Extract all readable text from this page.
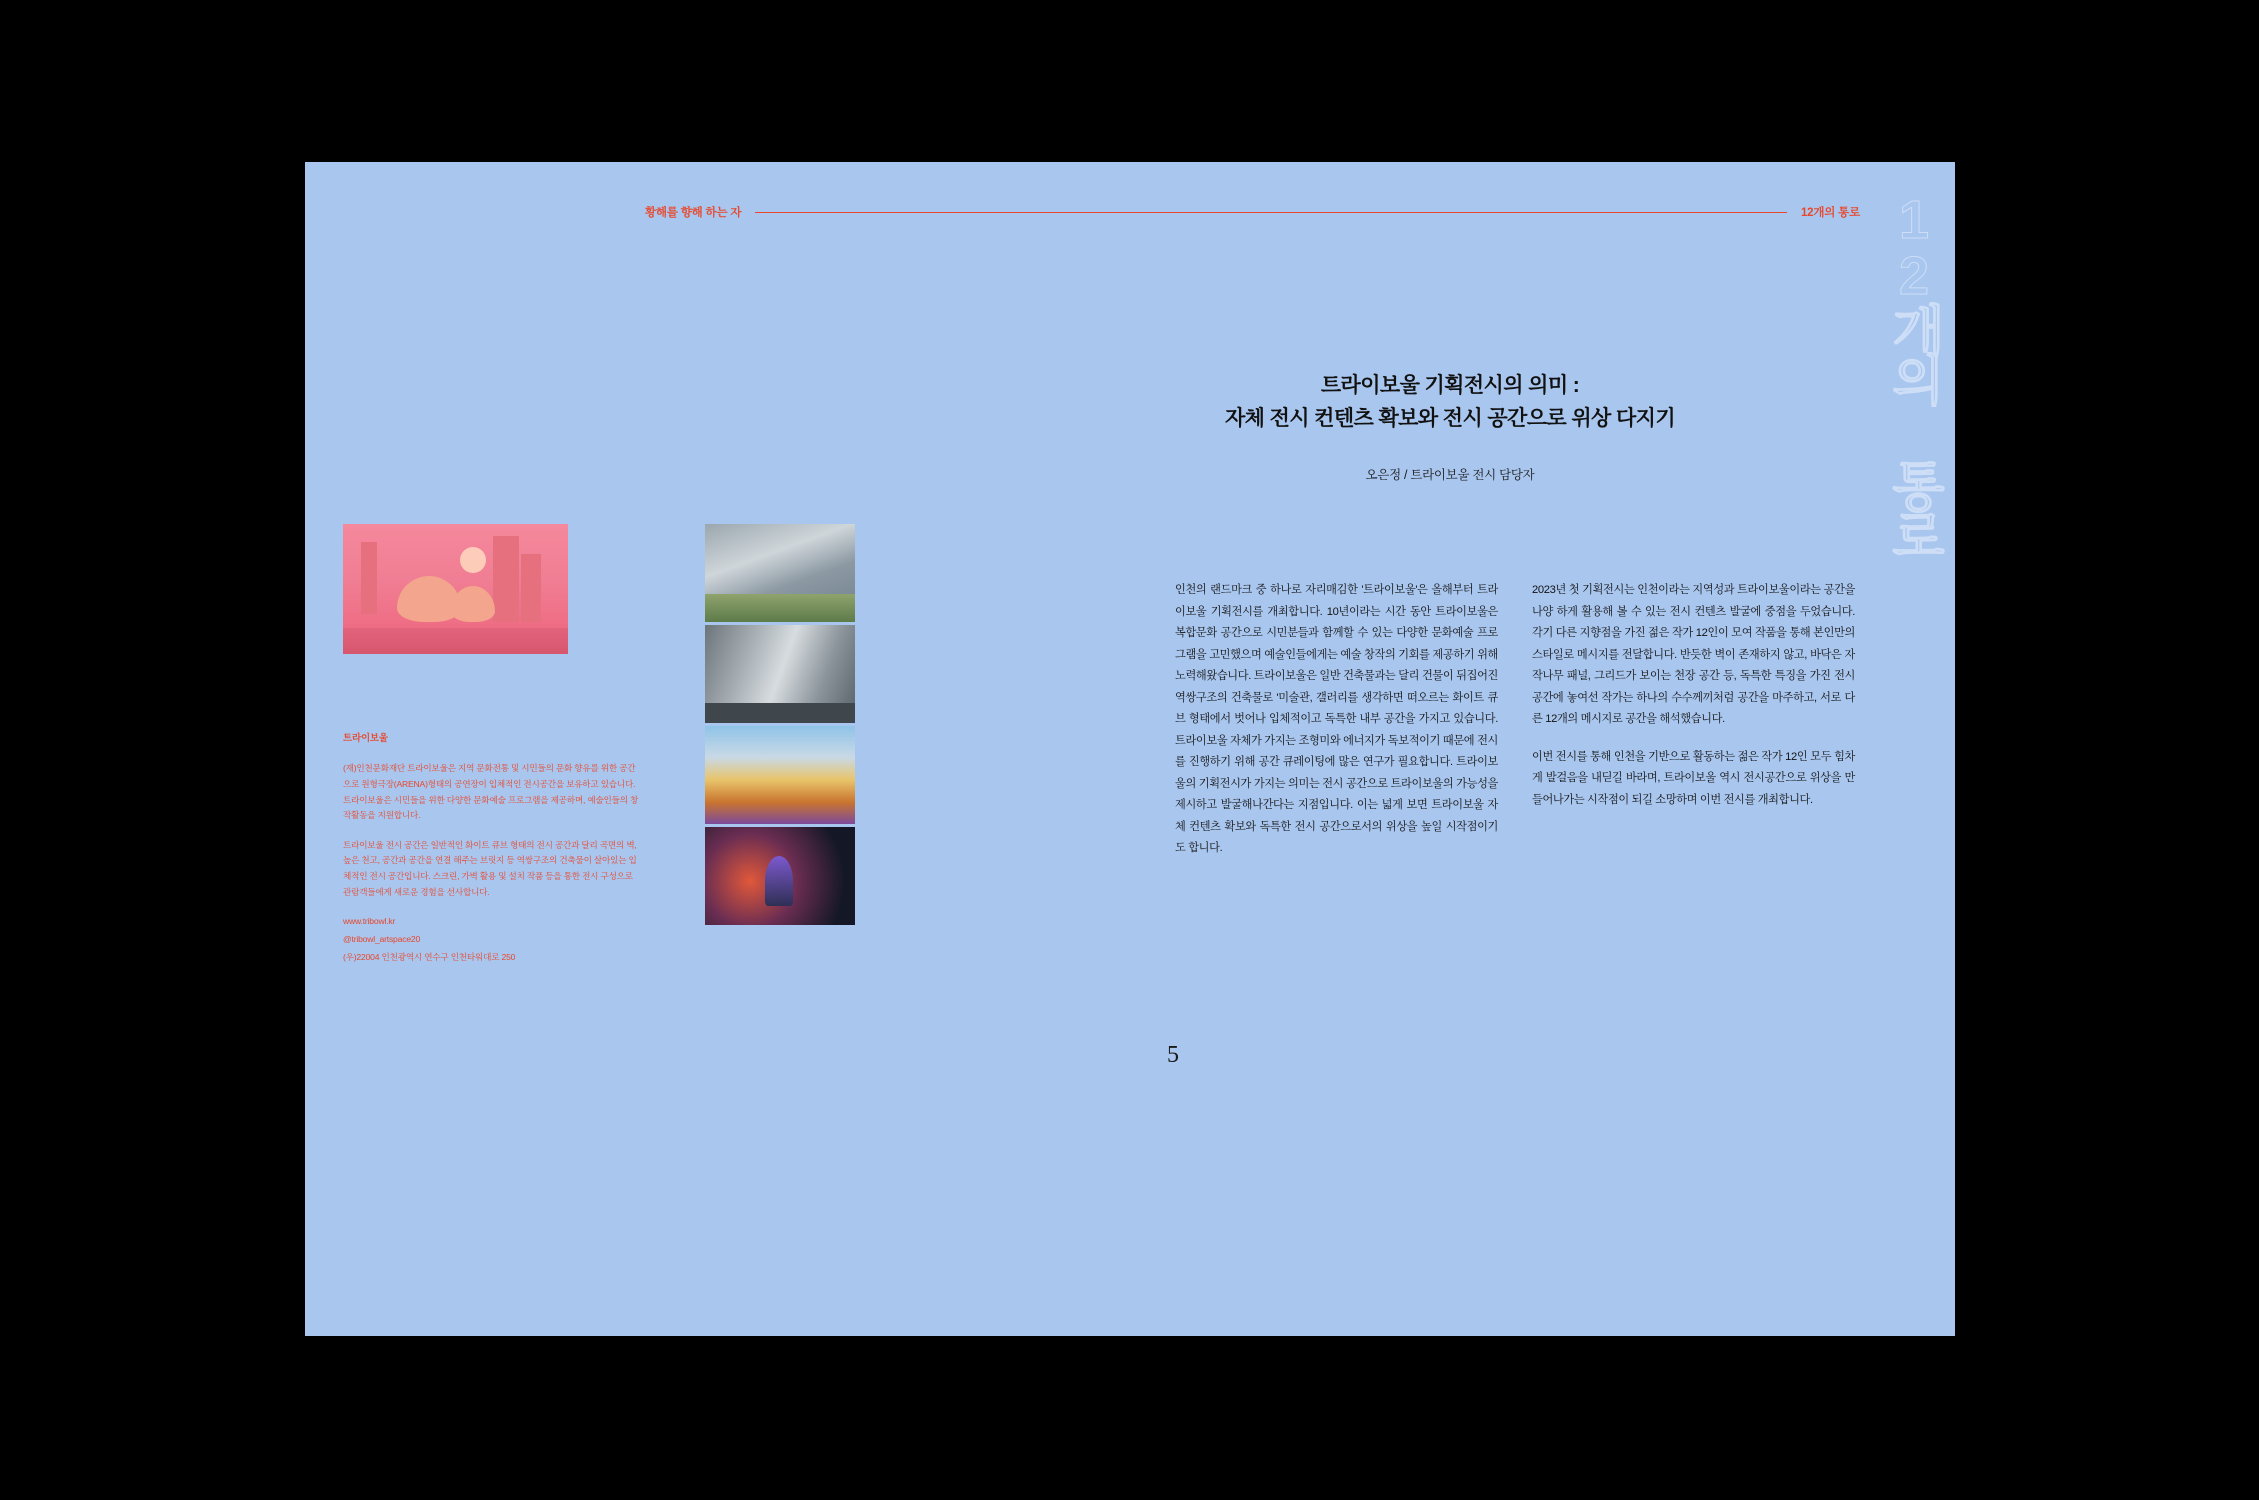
황해를 향해 하는 자	12개의 통로 12개의 통로
트라이보울 기획전시의 의미 :
자체 전시 컨텐츠 확보와 전시 공간으로 위상 다지기
오은정 / 트라이보울 전시 담당자
트라이보울

(재)인천문화재단 트라이보울은 지역 문화전통 및 시민들의 문화 향유를 위한 공간으로 원형극장(ARENA)형태의 공연장이 입체적인 전시공간을 보유하고 있습니다. 트라이보울은 시민들을 위한 다양한 문화예술 프로그램을 제공하며, 예술인들의 창작활동을 지원합니다.

트라이보울 전시 공간은 일반적인 화이트 큐브 형태의 전시 공간과 달리 곡면의 벽, 높은 천고, 공간과 공간을 연결 해주는 브릿지 등 역쌍구조의 건축물이 살아있는 입체적인 전시 공간입니다. 스크린, 가벽 활용 및 설치 작품 등을 통한 전시 구성으로 관람객들에게 새로운 경험을 선사합니다.

www.tribowl.kr

@tribowl_artspace20

(우)22004 인천광역시 연수구 인천타워대로 250

인천의 랜드마크 중 하나로 자리매김한 '트라이보울'은 올해부터 트라이보울 기획전시를 개최합니다. 10년이라는 시간 동안 트라이보울은 복합문화 공간으로 시민분들과 함께할 수 있는 다양한 문화예술 프로그램을 고민했으며 예술인들에게는 예술 창작의 기회를 제공하기 위해 노력해왔습니다. 트라이보울은 일반 건축물과는 달리 건물이 뒤집어진 역쌍구조의 건축물로 '미술관, 갤러리를 생각하면 떠오르는 화이트 큐브 형태에서 벗어나 입체적이고 독특한 내부 공간을 가지고 있습니다. 트라이보울 자체가 가지는 조형미와 에너지가 독보적이기 때문에 전시를 진행하기 위해 공간 큐레이팅에 많은 연구가 필요합니다. 트라이보울의 기획전시가 가지는 의미는 전시 공간으로 트라이보울의 가능성을 제시하고 발굴해나간다는 지점입니다. 이는 넓게 보면 트라이보울 자체 컨텐츠 확보와 독특한 전시 공간으로서의 위상을 높일 시작점이기도 합니다.

2023년 첫 기획전시는 인천이라는 지역성과 트라이보울이라는 공간을 나양 하게 활용해 볼 수 있는 전시 컨텐츠 발굴에 중점을 두었습니다. 각기 다른 지향점을 가진 젊은 작가 12인이 모여 작품을 통해 본인만의 스타일로 메시지를 전달합니다. 반듯한 벽이 존재하지 않고, 바닥은 자작나무 패널, 그리드가 보이는 천장 공간 등, 독특한 특징을 가진 전시 공간에 놓여선 작가는 하나의 수수께끼처럼 공간을 마주하고, 서로 다른 12개의 메시지로 공간을 해석했습니다.

이번 전시를 통해 인천을 기반으로 활동하는 젊은 작가 12인 모두 힘차게 발걸음을 내딛길 바라며, 트라이보울 역시 전시공간으로 위상을 만들어나가는 시작점이 되길 소망하며 이번 전시를 개최합니다.

5
